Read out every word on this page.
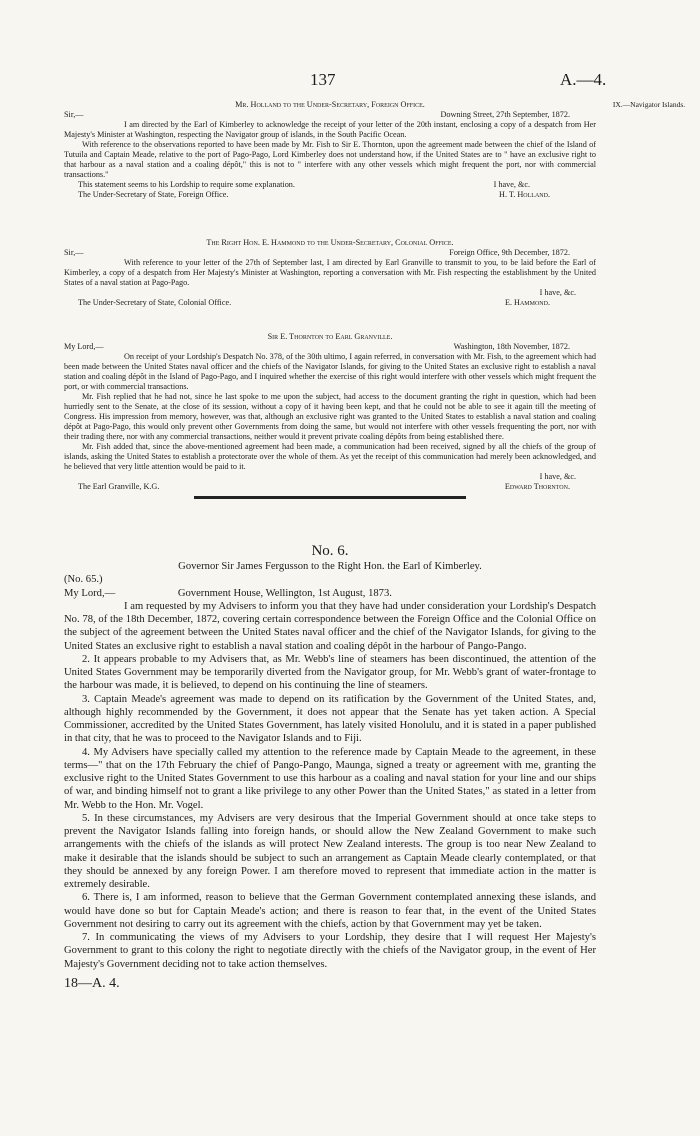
137	A.—4.
IX.—Navigator Islands.
Mr. Holland to the Under-Secretary, Foreign Office.
Sir,—	Downing Street, 27th September, 1872.
I am directed by the Earl of Kimberley to acknowledge the receipt of your letter of the 20th instant, enclosing a copy of a despatch from Her Majesty's Minister at Washington, respecting the Navigator group of islands, in the South Pacific Ocean.
With reference to the observations reported to have been made by Mr. Fish to Sir E. Thornton, upon the agreement made between the chief of the Island of Tutuila and Captain Meade, relative to the port of Pago-Pago, Lord Kimberley does not understand how, if the United States are to " have an exclusive right to that harbour as a naval station and a coaling dépôt," this is not to " interfere with any other vessels which might frequent the port, nor with commercial transactions."
This statement seems to his Lordship to require some explanation.	I have, &c.
The Under-Secretary of State, Foreign Office.	H. T. Holland.
The Right Hon. E. Hammond to the Under-Secretary, Colonial Office.
Sir,—	Foreign Office, 9th December, 1872.
With reference to your letter of the 27th of September last, I am directed by Earl Granville to transmit to you, to be laid before the Earl of Kimberley, a copy of a despatch from Her Majesty's Minister at Washington, reporting a conversation with Mr. Fish respecting the establishment by the United States of a naval station at Pago-Pago.
I have, &c.
The Under-Secretary of State, Colonial Office.	E. Hammond.
Sir E. Thornton to Earl Granville.
My Lord,—	Washington, 18th November, 1872.
On receipt of your Lordship's Despatch No. 378, of the 30th ultimo, I again referred, in conversation with Mr. Fish, to the agreement which had been made between the United States naval officer and the chiefs of the Navigator Islands, for giving to the United States an exclusive right to establish a naval station and coaling dépôt in the Island of Pago-Pago, and I inquired whether the exercise of this right would interfere with other vessels which might frequent the port, or with commercial transactions.
Mr. Fish replied that he had not, since he last spoke to me upon the subject, had access to the document granting the right in question, which had been hurriedly sent to the Senate, at the close of its session, without a copy of it having been kept, and that he could not be able to see it again till the meeting of Congress. His impression from memory, however, was that, although an exclusive right was granted to the United States to establish a naval station and coaling dépôt at Pago-Pago, this would only prevent other Governments from doing the same, but would not interfere with other vessels frequenting the port, nor with their trading there, nor with any commercial transactions, neither would it prevent private coaling dépôts from being established there.
Mr. Fish added that, since the above-mentioned agreement had been made, a communication had been received, signed by all the chiefs of the group of islands, asking the United States to establish a protectorate over the whole of them. As yet the receipt of this communication had merely been acknowledged, and he believed that very little attention would be paid to it.
I have, &c.
The Earl Granville, K.G.	Edward Thornton.
No. 6.
Governor Sir James Fergusson to the Right Hon. the Earl of Kimberley.
(No. 65.)
My Lord,—	Government House, Wellington, 1st August, 1873.
I am requested by my Advisers to inform you that they have had under consideration your Lordship's Despatch No. 78, of the 18th December, 1872, covering certain correspondence between the Foreign Office and the Colonial Office on the subject of the agreement between the United States naval officer and the chief of the Navigator Islands, for giving to the United States an exclusive right to establish a naval station and coaling dépôt in the harbour of Pango-Pango.
2. It appears probable to my Advisers that, as Mr. Webb's line of steamers has been discontinued, the attention of the United States Government may be temporarily diverted from the Navigator group, for Mr. Webb's grant of water-frontage to the harbour was made, it is believed, to depend on his continuing the line of steamers.
3. Captain Meade's agreement was made to depend on its ratification by the Government of the United States, and, although highly recommended by the Government, it does not appear that the Senate has yet taken action. A Special Commissioner, accredited by the United States Government, has lately visited Honolulu, and it is stated in a paper published in that city, that he was to proceed to the Navigator Islands and to Fiji.
4. My Advisers have specially called my attention to the reference made by Captain Meade to the agreement, in these terms—" that on the 17th February the chief of Pango-Pango, Maunga, signed a treaty or agreement with me, granting the exclusive right to the United States Government to use this harbour as a coaling and naval station for your line and our ships of war, and binding himself not to grant a like privilege to any other Power than the United States," as stated in a letter from Mr. Webb to the Hon. Mr. Vogel.
5. In these circumstances, my Advisers are very desirous that the Imperial Government should at once take steps to prevent the Navigator Islands falling into foreign hands, or should allow the New Zealand Government to make such arrangements with the chiefs of the islands as will protect New Zealand interests. The group is too near New Zealand to make it desirable that the islands should be subject to such an arrangement as Captain Meade clearly contemplated, or that they should be annexed by any foreign Power. I am therefore moved to represent that immediate action in the matter is extremely desirable.
6. There is, I am informed, reason to believe that the German Government contemplated annexing these islands, and would have done so but for Captain Meade's action; and there is reason to fear that, in the event of the United States Government not desiring to carry out its agreement with the chiefs, action by that Government may yet be taken.
7. In communicating the views of my Advisers to your Lordship, they desire that I will request Her Majesty's Government to grant to this colony the right to negotiate directly with the chiefs of the Navigator group, in the event of Her Majesty's Government deciding not to take action themselves.
18—A. 4.
